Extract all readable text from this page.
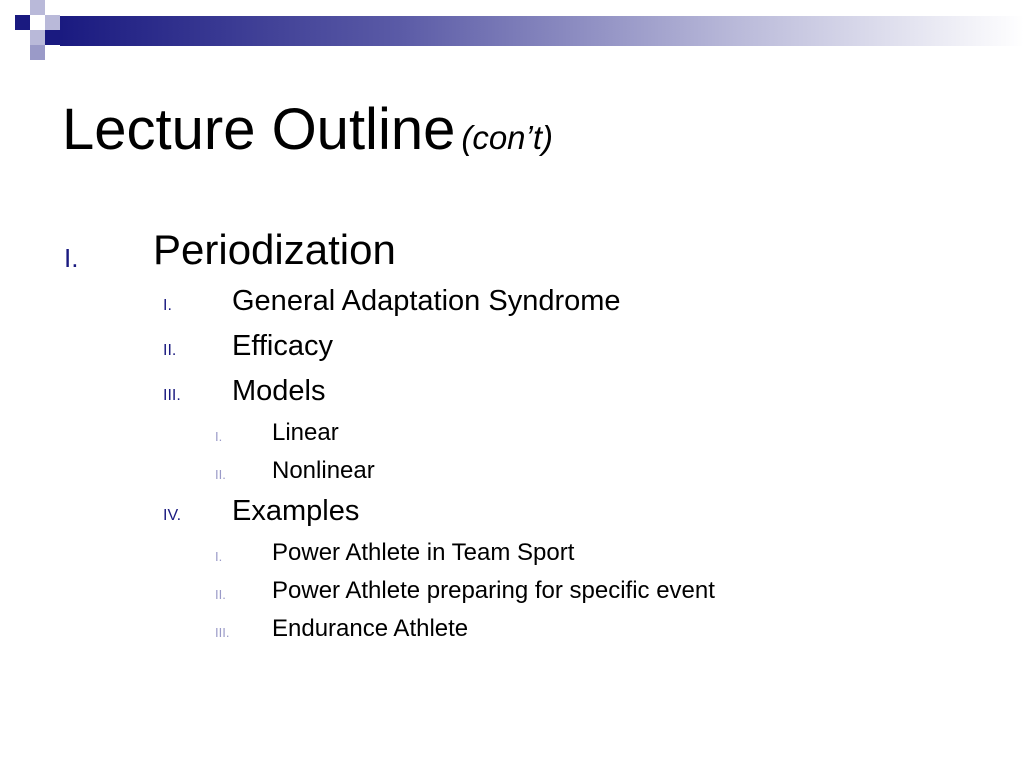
Lecture Outline (con’t)
I. Periodization
I. General Adaptation Syndrome
II. Efficacy
III. Models
I. Linear
II. Nonlinear
IV. Examples
I. Power Athlete in Team Sport
II. Power Athlete preparing for specific event
III. Endurance Athlete
